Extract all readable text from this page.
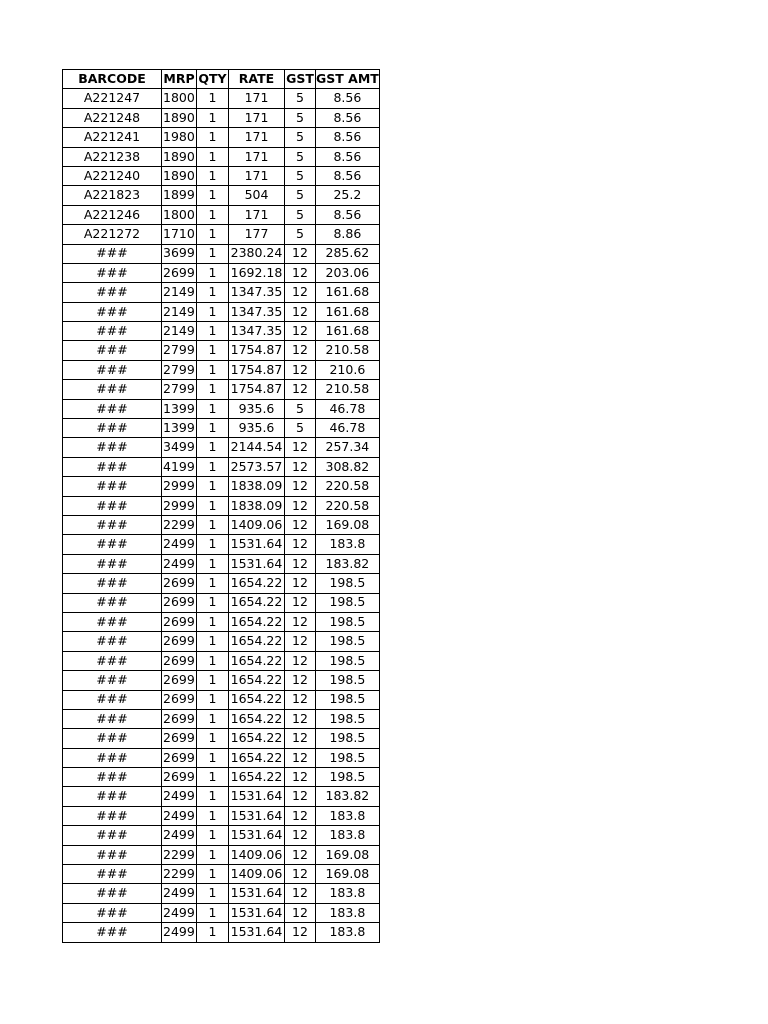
BARCODE	MRP	QTY	RATE	GST	GST AMT
A221247	1800	1	171	5	8.56
A221248	1890	1	171	5	8.56
A221241	1980	1	171	5	8.56
A221238	1890	1	171	5	8.56
A221240	1890	1	171	5	8.56
A221823	1899	1	504	5	25.2
A221246	1800	1	171	5	8.56
A221272	1710	1	177	5	8.86
###	3699	1	2380.24	12	285.62
###	2699	1	1692.18	12	203.06
###	2149	1	1347.35	12	161.68
###	2149	1	1347.35	12	161.68
###	2149	1	1347.35	12	161.68
###	2799	1	1754.87	12	210.58
###	2799	1	1754.87	12	210.6
###	2799	1	1754.87	12	210.58
###	1399	1	935.6	5	46.78
###	1399	1	935.6	5	46.78
###	3499	1	2144.54	12	257.34
###	4199	1	2573.57	12	308.82
###	2999	1	1838.09	12	220.58
###	2999	1	1838.09	12	220.58
###	2299	1	1409.06	12	169.08
###	2499	1	1531.64	12	183.8
###	2499	1	1531.64	12	183.82
###	2699	1	1654.22	12	198.5
###	2699	1	1654.22	12	198.5
###	2699	1	1654.22	12	198.5
###	2699	1	1654.22	12	198.5
###	2699	1	1654.22	12	198.5
###	2699	1	1654.22	12	198.5
###	2699	1	1654.22	12	198.5
###	2699	1	1654.22	12	198.5
###	2699	1	1654.22	12	198.5
###	2699	1	1654.22	12	198.5
###	2699	1	1654.22	12	198.5
###	2499	1	1531.64	12	183.82
###	2499	1	1531.64	12	183.8
###	2499	1	1531.64	12	183.8
###	2299	1	1409.06	12	169.08
###	2299	1	1409.06	12	169.08
###	2499	1	1531.64	12	183.8
###	2499	1	1531.64	12	183.8
###	2499	1	1531.64	12	183.8
